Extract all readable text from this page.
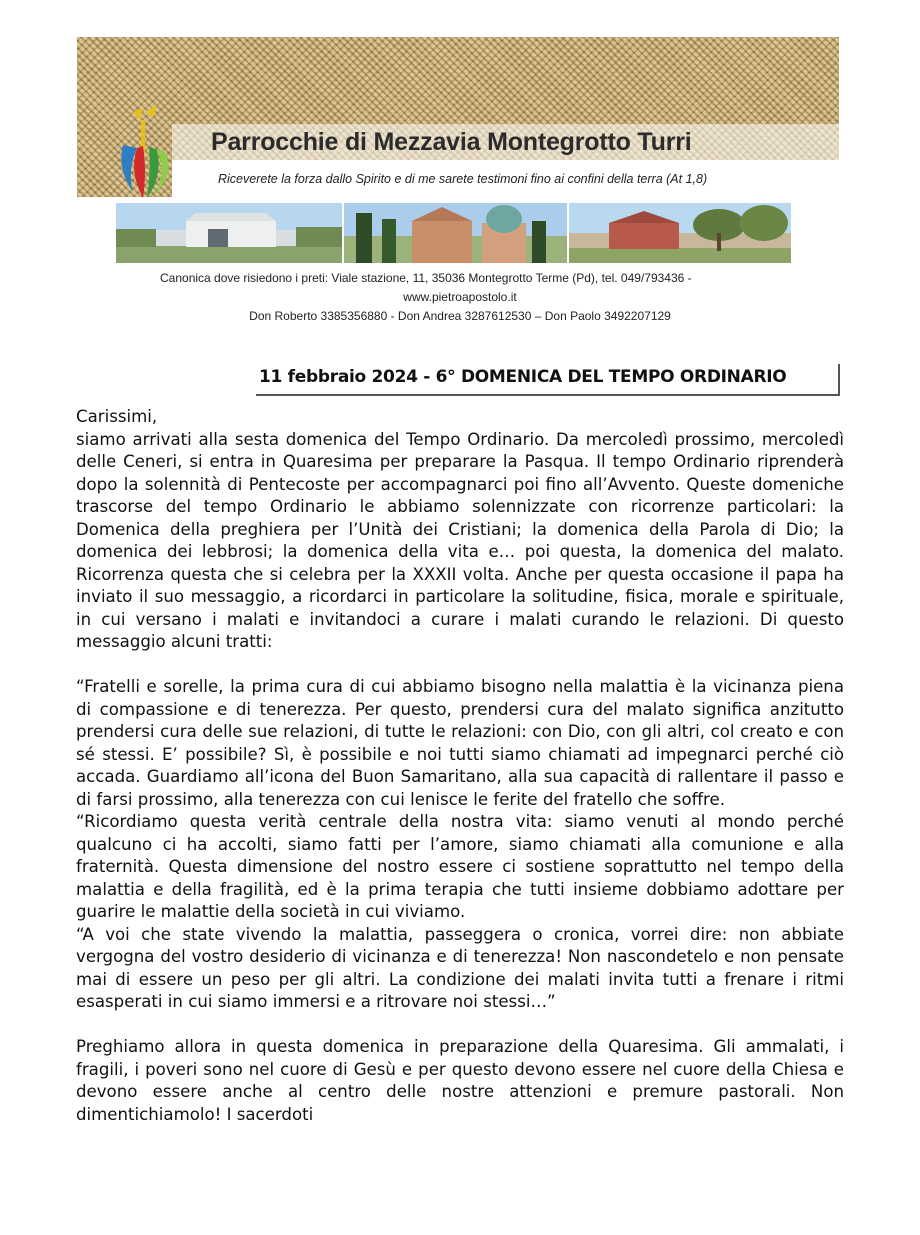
Parrocchie di Mezzavia Montegrotto Turri
Riceverete la forza dallo Spirito e di me sarete testimoni fino ai confini della terra (At 1,8)
Canonica dove risiedono i preti: Viale stazione, 11, 35036 Montegrotto Terme (Pd), tel. 049/793436 -
www.pietroapostolo.it
Don Roberto 3385356880 - Don Andrea 3287612530 – Don Paolo 3492207129
11 febbraio 2024 - 6° DOMENICA DEL TEMPO ORDINARIO

Carissimi,

siamo arrivati alla sesta domenica del Tempo Ordinario. Da mercoledì prossimo, mercoledì delle Ceneri, si entra in Quaresima per preparare la Pasqua. Il tempo Ordinario riprenderà dopo la solennità di Pentecoste per accompagnarci poi fino all’Avvento. Queste domeniche trascorse del tempo Ordinario le abbiamo solennizzate con ricorrenze particolari: la Domenica della preghiera per l’Unità dei Cristiani; la domenica della Parola di Dio; la domenica dei lebbrosi; la domenica della vita e… poi questa, la domenica del malato. Ricorrenza questa che si celebra per la XXXII volta. Anche per questa occasione il papa ha inviato il suo messaggio, a ricordarci in particolare la solitudine, fisica, morale e spirituale, in cui versano i malati e invitandoci a curare i malati curando le relazioni. Di questo messaggio alcuni tratti:

“Fratelli e sorelle, la prima cura di cui abbiamo bisogno nella malattia è la vicinanza piena di compassione e di tenerezza. Per questo, prendersi cura del malato significa anzitutto prendersi cura delle sue relazioni, di tutte le relazioni: con Dio, con gli altri, col creato e con sé stessi. E’ possibile? Sì, è possibile e noi tutti siamo chiamati ad impegnarci perché ciò accada. Guardiamo all’icona del Buon Samaritano, alla sua capacità di rallentare il passo e di farsi prossimo, alla tenerezza con cui lenisce le ferite del fratello che soffre.

“Ricordiamo questa verità centrale della nostra vita: siamo venuti al mondo perché qualcuno ci ha accolti, siamo fatti per l’amore, siamo chiamati alla comunione e alla fraternità. Questa dimensione del nostro essere ci sostiene soprattutto nel tempo della malattia e della fragilità, ed è la prima terapia che tutti insieme dobbiamo adottare per guarire le malattie della società in cui viviamo.

“A voi che state vivendo la malattia, passeggera o cronica, vorrei dire: non abbiate vergogna del vostro desiderio di vicinanza e di tenerezza! Non nascondetelo e non pensate mai di essere un peso per gli altri. La condizione dei malati invita tutti a frenare i ritmi esasperati in cui siamo immersi e a ritrovare noi stessi…”

Preghiamo allora in questa domenica in preparazione della Quaresima. Gli ammalati, i fragili, i poveri sono nel cuore di Gesù e per questo devono essere nel cuore della Chiesa e devono essere anche al centro delle nostre attenzioni e premure pastorali. Non dimentichiamolo! I sacerdoti
